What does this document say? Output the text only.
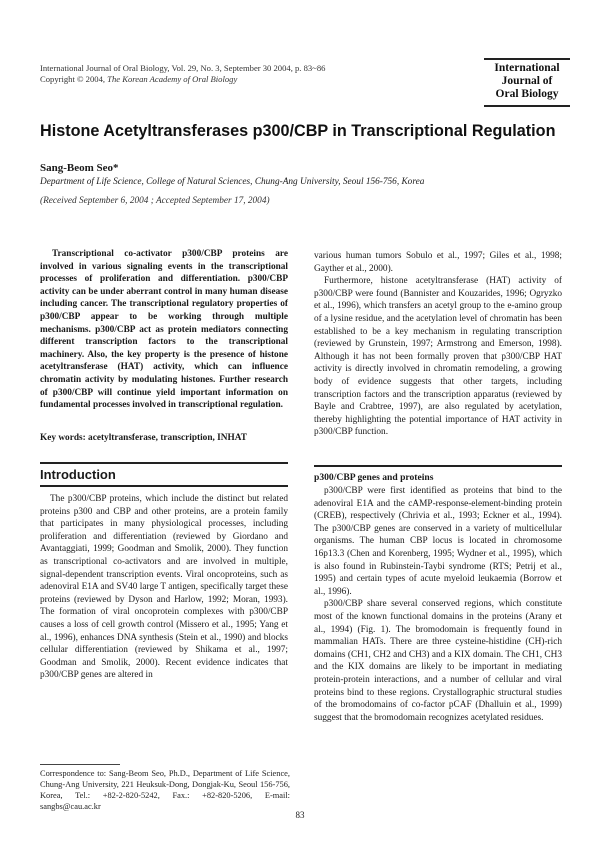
International Journal of Oral Biology, Vol. 29, No. 3, September 30 2004, p. 83~86
Copyright © 2004, The Korean Academy of Oral Biology
International
Journal of
Oral Biology
Histone Acetyltransferases p300/CBP in Transcriptional Regulation
Sang-Beom Seo*
Department of Life Science, College of Natural Sciences, Chung-Ang University, Seoul 156-756, Korea
(Received September 6, 2004 ; Accepted September 17, 2004)
Transcriptional co-activator p300/CBP proteins are involved in various signaling events in the transcriptional processes of proliferation and differentiation. p300/CBP activity can be under aberrant control in many human disease including cancer. The transcriptional regulatory properties of p300/CBP appear to be working through multiple mechanisms. p300/CBP act as protein mediators connecting different transcription factors to the transcriptional machinery. Also, the key property is the presence of histone acetyltransferase (HAT) activity, which can influence chromatin activity by modulating histones. Further research of p300/CBP will continue yield important information on fundamental processes involved in transcriptional regulation.
Key words: acetyltransferase, transcription, INHAT
Introduction

The p300/CBP proteins, which include the distinct but related proteins p300 and CBP and other proteins, are a protein family that participates in many physiological processes, including proliferation and differentiation (reviewed by Giordano and Avantaggiati, 1999; Goodman and Smolik, 2000). They function as transcriptional co-activators and are involved in multiple, signal-dependent transcription events. Viral oncoproteins, such as adenoviral E1A and SV40 large T antigen, specifically target these proteins (reviewed by Dyson and Harlow, 1992; Moran, 1993). The formation of viral oncoprotein complexes with p300/CBP causes a loss of cell growth control (Missero et al., 1995; Yang et al., 1996), enhances DNA synthesis (Stein et al., 1990) and blocks cellular differentiation (reviewed by Shikama et al., 1997; Goodman and Smolik, 2000). Recent evidence indicates that p300/CBP genes are altered in

Correspondence to: Sang-Beom Seo, Ph.D., Department of Life Science, Chung-Ang University, 221 Heuksuk-Dong, Dongjak-Ku, Seoul 156-756, Korea, Tel.: +82-2-820-5242, Fax.: +82-820-5206, E-mail: sangbs@cau.ac.kr

various human tumors Sobulo et al., 1997; Giles et al., 1998; Gayther et al., 2000).

Furthermore, histone acetyltransferase (HAT) activity of p300/CBP were found (Bannister and Kouzarides, 1996; Ogryzko et al., 1996), which transfers an acetyl group to the e-amino group of a lysine residue, and the acetylation level of chromatin has been established to be a key mechanism in regulating transcription (reviewed by Grunstein, 1997; Armstrong and Emerson, 1998). Although it has not been formally proven that p300/CBP HAT activity is directly involved in chromatin remodeling, a growing body of evidence suggests that other targets, including transcription factors and the transcription apparatus (reviewed by Bayle and Crabtree, 1997), are also regulated by acetylation, thereby highlighting the potential importance of HAT activity in p300/CBP function.

p300/CBP genes and proteins

p300/CBP were first identified as proteins that bind to the adenoviral E1A and the cAMP-response-element-binding protein (CREB), respectively (Chrivia et al., 1993; Eckner et al., 1994). The p300/CBP genes are conserved in a variety of multicellular organisms. The human CBP locus is located in chromosome 16p13.3 (Chen and Korenberg, 1995; Wydner et al., 1995), which is also found in Rubinstein-Taybi syndrome (RTS; Petrij et al., 1995) and certain types of acute myeloid leukaemia (Borrow et al., 1996).

p300/CBP share several conserved regions, which constitute most of the known functional domains in the proteins (Arany et al., 1994) (Fig. 1). The bromodomain is frequently found in mammalian HATs. There are three cysteine-histidine (CH)-rich domains (CH1, CH2 and CH3) and a KIX domain. The CH1, CH3 and the KIX domains are likely to be important in mediating protein-protein interactions, and a number of cellular and viral proteins bind to these regions. Crystallographic structural studies of the bromodomains of co-factor pCAF (Dhalluin et al., 1999) suggest that the bromodomain recognizes acetylated residues.

83
